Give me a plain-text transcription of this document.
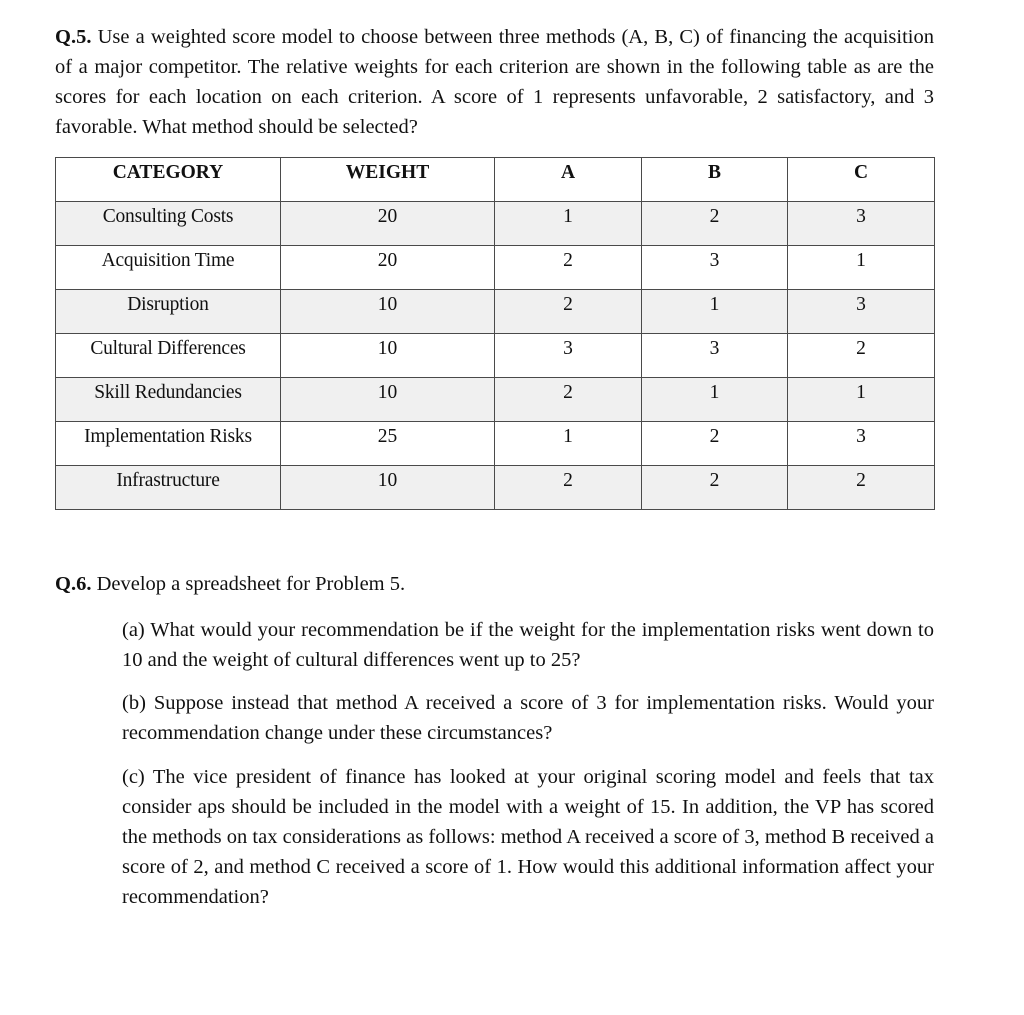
Q.5. Use a weighted score model to choose between three methods (A, B, C) of financing the acquisition of a major competitor. The relative weights for each criterion are shown in the following table as are the scores for each location on each criterion. A score of 1 represents unfavorable, 2 satisfactory, and 3 favorable. What method should be selected?
CATEGORY	WEIGHT	A	B	C
Consulting Costs	20	1	2	3
Acquisition Time	20	2	3	1
Disruption	10	2	1	3
Cultural Differences	10	3	3	2
Skill Redundancies	10	2	1	1
Implementation Risks	25	1	2	3
Infrastructure	10	2	2	2
Q.6. Develop a spreadsheet for Problem 5.
(a) What would your recommendation be if the weight for the implementation risks went down to 10 and the weight of cultural differences went up to 25?
(b) Suppose instead that method A received a score of 3 for implementation risks. Would your recommendation change under these circumstances?
(c) The vice president of finance has looked at your original scoring model and feels that tax consider aps should be included in the model with a weight of 15. In addition, the VP has scored the methods on tax considerations as follows: method A received a score of 3, method B received a score of 2, and method C received a score of 1. How would this additional information affect your recommendation?
